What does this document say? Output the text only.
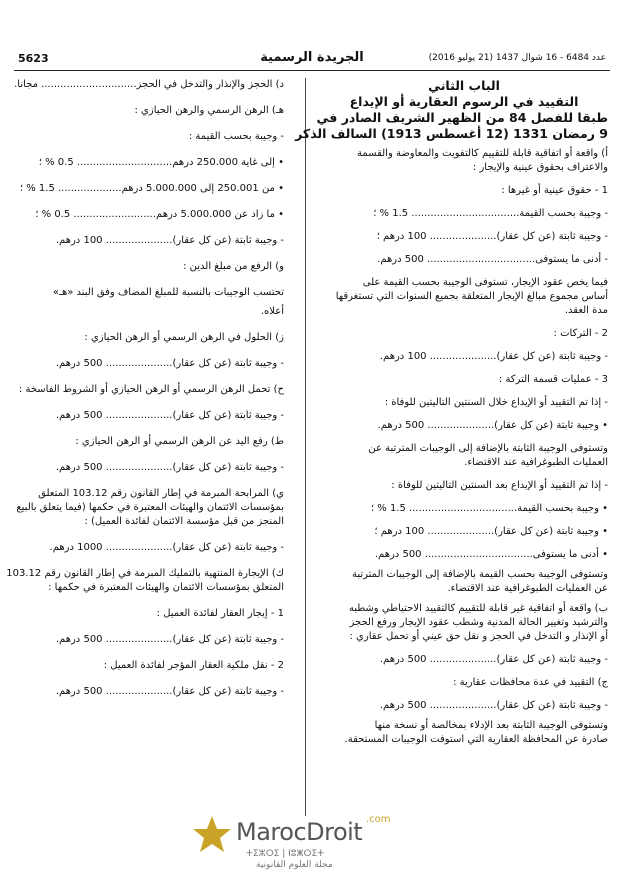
5623	الجريدة الرسمية	عدد 6484 - 16 شوال 1437 (21 يوليو 2016)
الباب الثاني
التقييد في الرسوم العقارية أو الإيداع
طبقا للفصل 84 من الظهير الشريف الصادر في
9 رمضان 1331 (12 أغسطس 1913) السالف الذكر

أ) واقعة أو اتفاقية قابلة للتقييم كالتفويت والمعاوضة والقسمة

والاعتراف بحقوق عينية والإيجار :

1 - حقوق عينية أو غيرها :

- وجيبة بحسب القيمة.................................. 1.5 % ؛

- وجيبة ثابتة (عن كل عقار)..................... 100 درهم ؛

- أدنى ما يستوفى.................................. 500 درهم.

فيما يخص عقود الإيجار، تستوفى الوجيبة بحسب القيمة على

أساس مجموع مبالغ الإيجار المتعلقة بجميع السنوات التي تستغرقها

مدة العقد.

2 - التركات :

- وجيبة ثابتة (عن كل عقار)..................... 100 درهم.

3 - عمليات قسمة التركة :

- إذا تم التقييد أو الإيداع خلال السنتين التاليتين للوفاة :

• وجيبة ثابتة (عن كل عقار)..................... 500 درهم.

وتستوفى الوجيبة الثابتة بالإضافة إلى الوجيبات المترتبة عن

العمليات الطبوغرافية عند الاقتضاء.

- إذا تم التقييد أو الإيداع بعد السنتين التاليتين للوفاة :

• وجيبة بحسب القيمة.................................. 1.5 % ؛

• وجيبة ثابتة (عن كل عقار)..................... 100 درهم ؛

• أدنى ما يستوفى.................................. 500 درهم.

وتستوفى الوجيبة بحسب القيمة بالإضافة إلى الوجيبات المترتبة

عن العمليات الطبوغرافية عند الاقتضاء.

ب) واقعة أو اتفاقية غير قابلة للتقييم كالتقييد الاحتياطي وشطبه

والترشيد وتغيير الحالة المدنية وشطب عقود الإيجار ورفع الحجز

أو الإنذار و التدخل في الحجز و نقل حق عيني أو تحمل عقاري :

- وجيبة ثابتة (عن كل عقار)..................... 500 درهم.

ج) التقييد في عدة محافظات عقارية :

- وجيبة ثابتة (عن كل عقار)..................... 500 درهم.

وتستوفى الوجيبة الثابتة بعد الإدلاء بمخالصة أو نسخة منها

صادرة عن المحافظة العقارية التي استوفت الوجيبات المستحقة.

د) الحجز والإنذار والتدخل في الحجز.............................. مجانا.

هـ) الرهن الرسمي والرهن الحيازي :

- وجيبة بحسب القيمة :

• إلى غاية 250.000 درهم.............................. 0.5 % ؛

• من 250.001 إلى 5.000.000 درهم.................... 1.5 % ؛

• ما زاد عن 5.000.000 درهم.......................... 0.5 % ؛

- وجيبة ثابتة (عن كل عقار)..................... 100 درهم.

و) الرفع من مبلغ الدين :

تحتسب الوجيبات بالنسبة للمبلغ المضاف وفق البند «هـ»

أعلاه.

ز) الحلول في الرهن الرسمي أو الرهن الحيازي :

- وجيبة ثابتة (عن كل عقار)..................... 500 درهم.

ح) تحمل الرهن الرسمي أو الرهن الحيازي أو الشروط الفاسخة :

- وجيبة ثابتة (عن كل عقار)..................... 500 درهم.

ط) رفع اليد عن الرهن الرسمي أو الرهن الحيازي :

- وجيبة ثابتة (عن كل عقار)..................... 500 درهم.

ي) المرابحة المبرمة في إطار القانون رقم 103.12 المتعلق

بمؤسسات الائتمان والهيئات المعتبرة في حكمها (فيما يتعلق بالبيع

المنجز من قبل مؤسسة الائتمان لفائدة العميل) :

- وجيبة ثابتة (عن كل عقار)..................... 1000 درهم.

ك) الإيجارة المنتهية بالتمليك المبرمة في إطار القانون رقم 103.12

المتعلق بمؤسسات الائتمان والهيئات المعتبرة في حكمها :

1 - إيجار العقار لفائدة العميل :

- وجيبة ثابتة (عن كل عقار)..................... 500 درهم.

2 - نقل ملكية العقار المؤجر لفائدة العميل :

- وجيبة ثابتة (عن كل عقار)..................... 500 درهم.

MarocDroit .com
ⵜⵉⵣⵔⵉ | ⵏⵓⵥⵔⵉⵜ
مجلة العلوم القانونية
